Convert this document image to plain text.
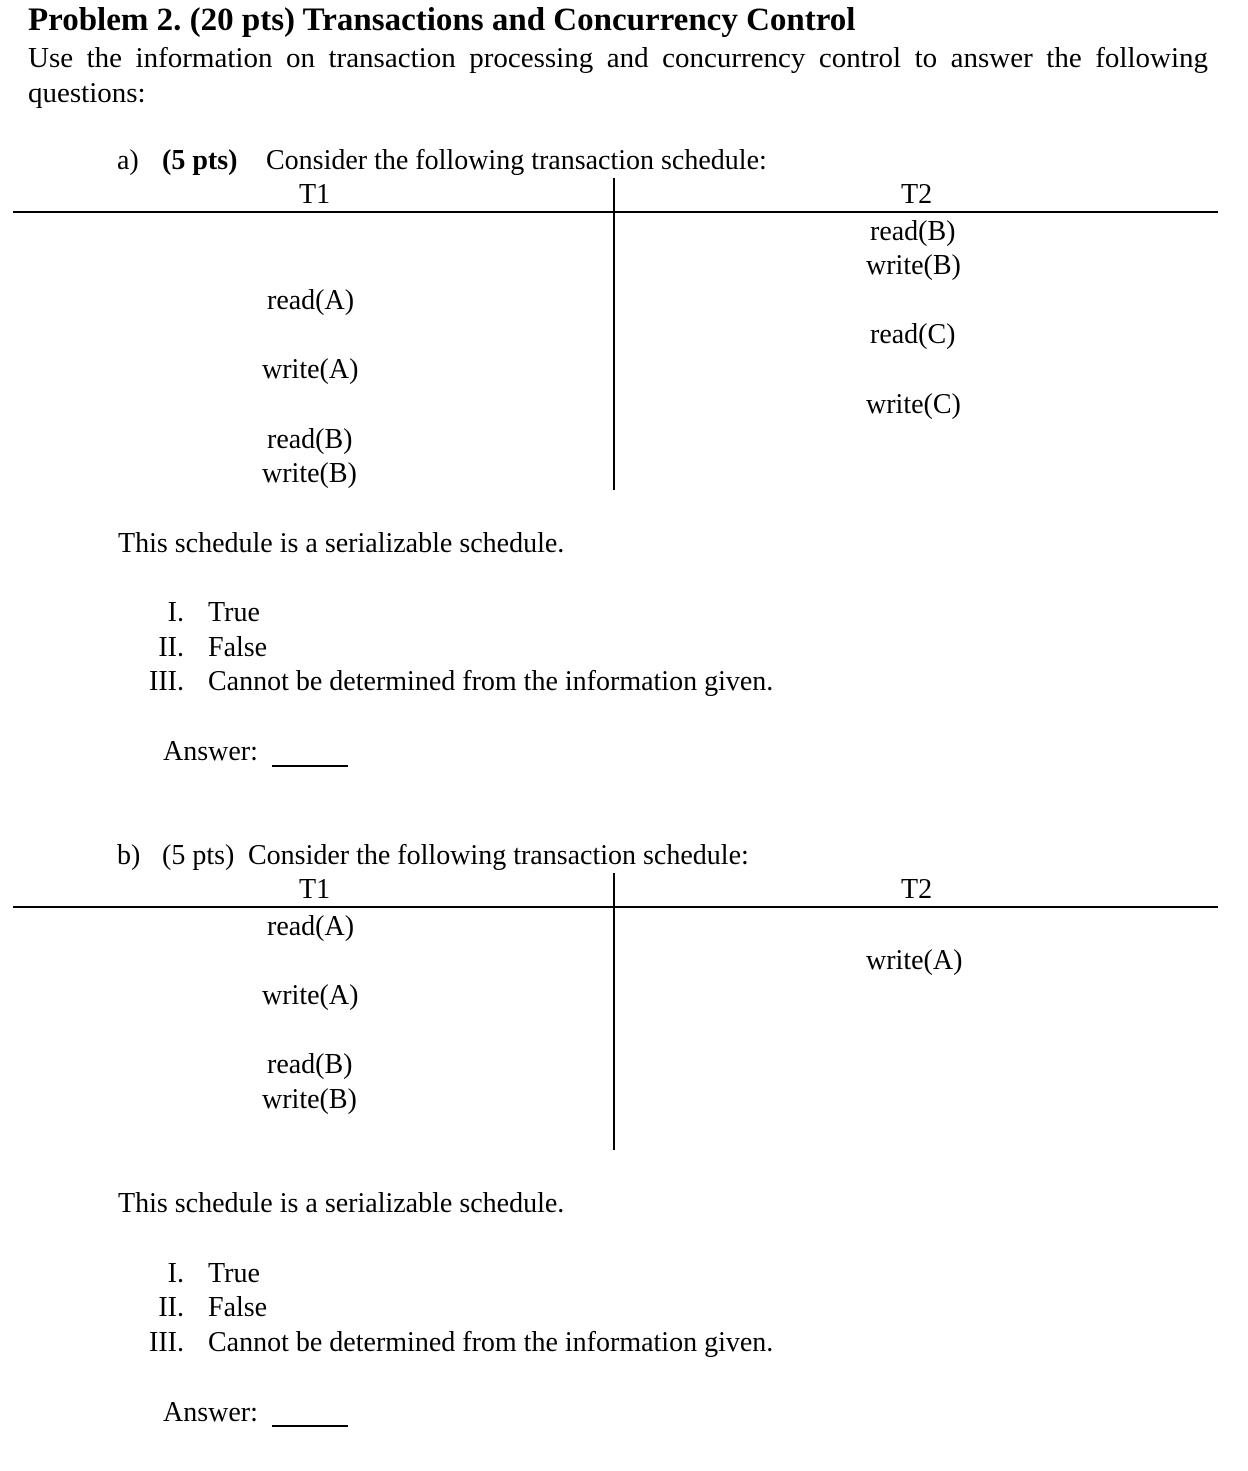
Problem 2. (20 pts) Transactions and Concurrency Control
Use the information on transaction processing and concurrency control to answer the following questions:
a) (5 pts) Consider the following transaction schedule:
T1	T2
read(B)
write(B)
read(A)
read(C)
write(A)
write(C)
read(B)
write(B)
This schedule is a serializable schedule.
I. True
II. False
III. Cannot be determined from the information given.
Answer:
b) (5 pts) Consider the following transaction schedule:
T1	T2
read(A)
write(A)
write(A)
read(B)
write(B)
This schedule is a serializable schedule.
I. True
II. False
III. Cannot be determined from the information given.
Answer:
